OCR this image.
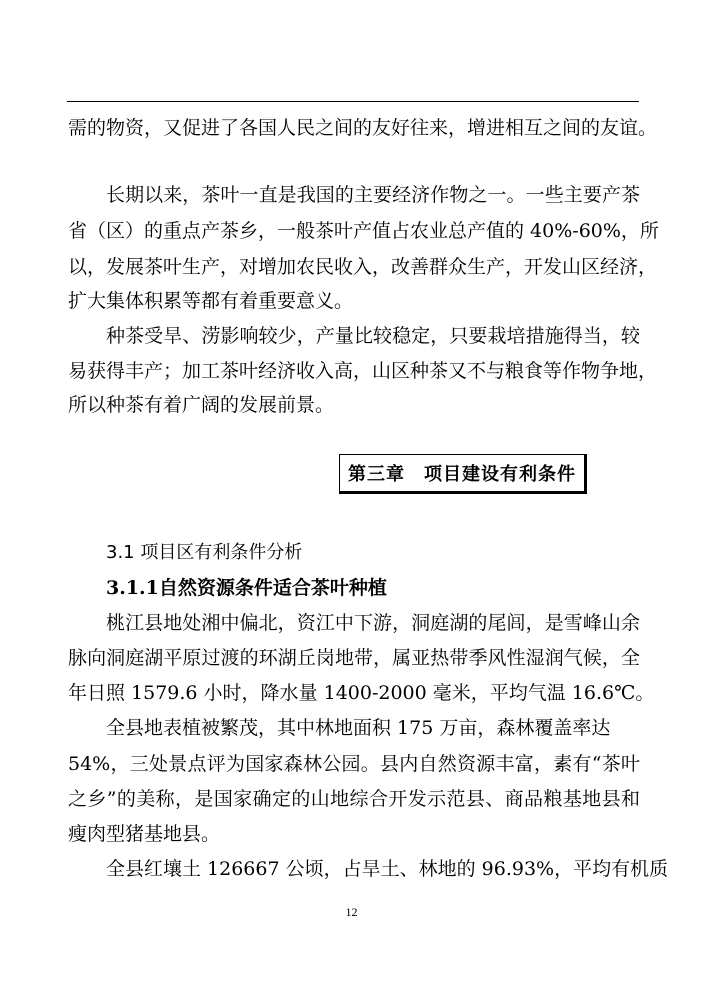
需的物资，又促进了各国人民之间的友好往来，增进相互之间的友谊。
长期以来，茶叶一直是我国的主要经济作物之一。一些主要产茶
省（区）的重点产茶乡，一般茶叶产值占农业总产值的 40%-60%，所
以，发展茶叶生产，对增加农民收入，改善群众生产，开发山区经济，
扩大集体积累等都有着重要意义。
种茶受旱、涝影响较少，产量比较稳定，只要栽培措施得当，较
易获得丰产；加工茶叶经济收入高，山区种茶又不与粮食等作物争地，
所以种茶有着广阔的发展前景。
第三章　项目建设有利条件
3.1 项目区有利条件分析
3.1.1自然资源条件适合茶叶种植
桃江县地处湘中偏北，资江中下游，洞庭湖的尾闾，是雪峰山余
脉向洞庭湖平原过渡的环湖丘岗地带，属亚热带季风性湿润气候，全
年日照 1579.6 小时，降水量 1400-2000 毫米，平均气温 16.6℃。
全县地表植被繁茂，其中林地面积 175 万亩，森林覆盖率达
54%，三处景点评为国家森林公园。县内自然资源丰富，素有“茶叶
之乡”的美称，是国家确定的山地综合开发示范县、商品粮基地县和
瘦肉型猪基地县。
全县红壤土 126667 公顷，占旱土、林地的 96.93%，平均有机质
12
